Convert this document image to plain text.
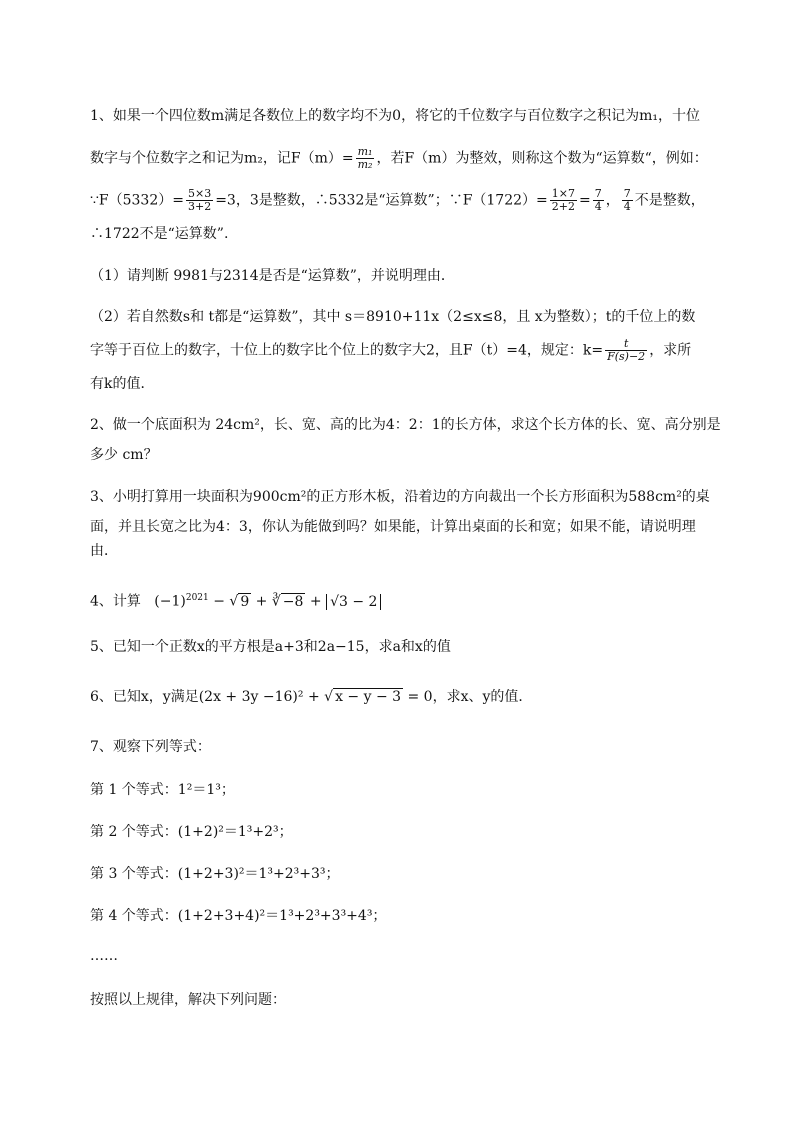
1、如果一个四位数m满足各数位上的数字均不为0，将它的千位数字与百位数字之积记为m₁，十位
数字与个位数字之和记为m₂，记$F(m)= \frac{\text{m₁}}{\text{m₂}}$ ，若F（m）为整效，则称这个数为“运算数“，例如：
∵F（5332）= $\frac{5\times 3}{3+2} =3$，3是整数，∴5332是“运算数”；∵F（1722）= $\frac{1\times 7}{2+2} = \frac{7}{4}$ ， $\frac{7}{4}$ 不是整数，
∴1722不是“运算数”.
（1）请判断 9981与2314是否是“运算数”，并说明理由．
（2）若自然数s和 t都是“运算数”，其中 s＝8910+11x（2≤x≤8，且 x为整数）；t的千位上的数
字等于百位上的数字，十位上的数字比个位上的数字大2，且F（t）=4，规定：$k= \frac{t}{F(s)-2}$ ，求所
有k的值．
2、做一个底面积为 24cm²，长、宽、高的比为4：2：1的长方体，求这个长方体的长、宽、高分别是
多少 cm？
3、小明打算用一块面积为900cm²的正方形木板，沿着边的方向裁出一个长方形面积为588cm²的桌
面，并且长宽之比为4：3，你认为能做到吗？如果能，计算出桌面的长和宽；如果不能，请说明理
由．
4、计算 $(-1)^{2021}$ − √ 9 + ∛ −8 + √3 − 2
5、已知一个正数x的平方根是a+3和2a−15，求a和x的值
6、已知x，y满足(2x + 3y −16)² + √ x − y − 3 = 0，求x、y的值．
7、观察下列等式：
第 1 个等式：1²＝1³；
第 2 个等式：(1+2)²＝1³+2³；
第 3 个等式：(1+2+3)²＝1³+2³+3³；
第 4 个等式：(1+2+3+4)²＝1³+2³+3³+4³；
……
按照以上规律，解决下列问题：
